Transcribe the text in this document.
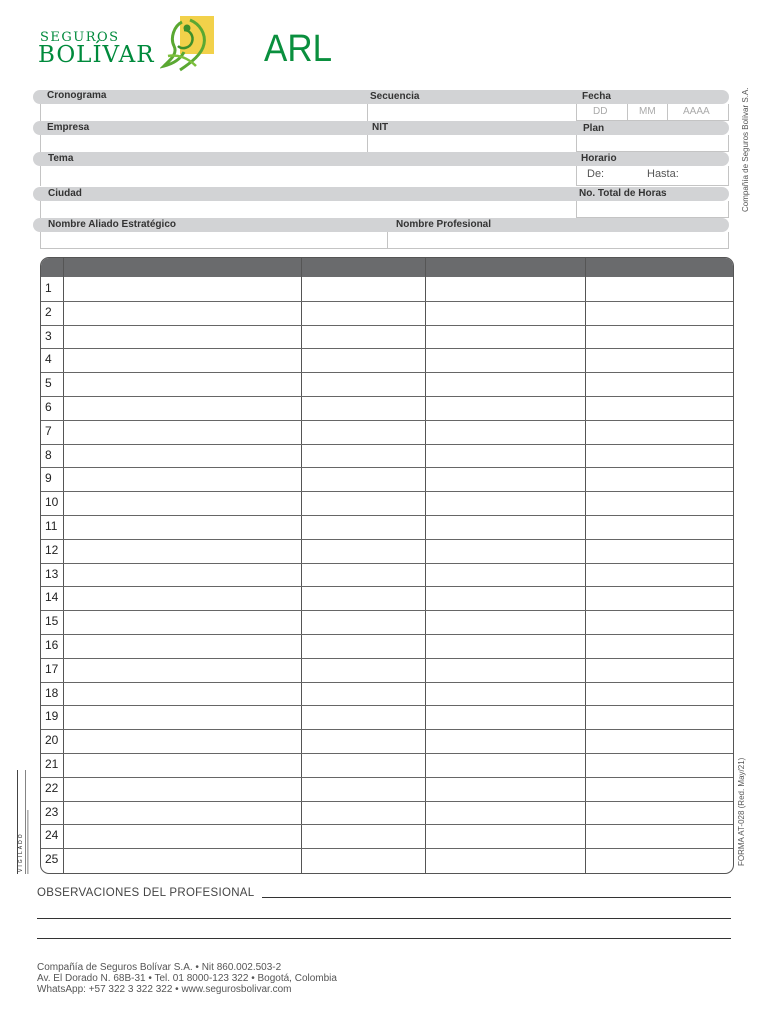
SEGUROS
BOLÍVAR	ARL
Cronograma	Secuencia	Fecha
DD	MM	AAAA
Empresa	NIT	Plan
Tema	Horario
De:	Hasta:
Ciudad	No. Total de Horas
Nombre Aliado Estratégico	Nombre Profesional
Compañía de Seguros Bolívar S.A.
FORMA AT-028 (Red. May/21)
VIGILADO
1
2
3
4
5
6
7
8
9
10
11
12
13
14
15
16
17
18
19
20
21
22
23
24
25
OBSERVACIONES DEL PROFESIONAL
Compañía de Seguros Bolívar S.A. • Nit 860.002.503-2
Av. El Dorado N. 68B-31 • Tel. 01 8000-123 322 • Bogotá, Colombia
WhatsApp: +57 322 3 322 322 • www.segurosbolivar.com
